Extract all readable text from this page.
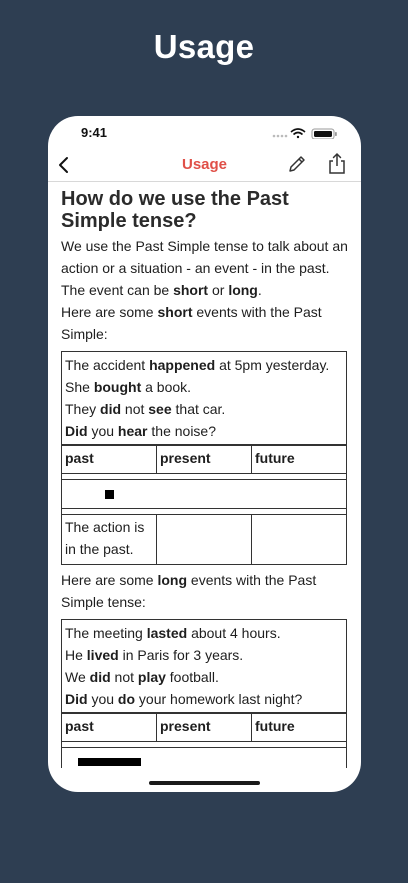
Usage
9:41
Usage
How do we use the Past Simple tense?
We use the Past Simple tense to talk about an action or a situation - an event - in the past.
The event can be short or long.
Here are some short events with the Past Simple:
The accident happened at 5pm yesterday.
She bought a book.
They did not see that car.
Did you hear the noise?
past	present	future
The action is in the past.		
Here are some long events with the Past Simple tense:
The meeting lasted about 4 hours.
He lived in Paris for 3 years.
We did not play football.
Did you do your homework last night?
past	present	future
